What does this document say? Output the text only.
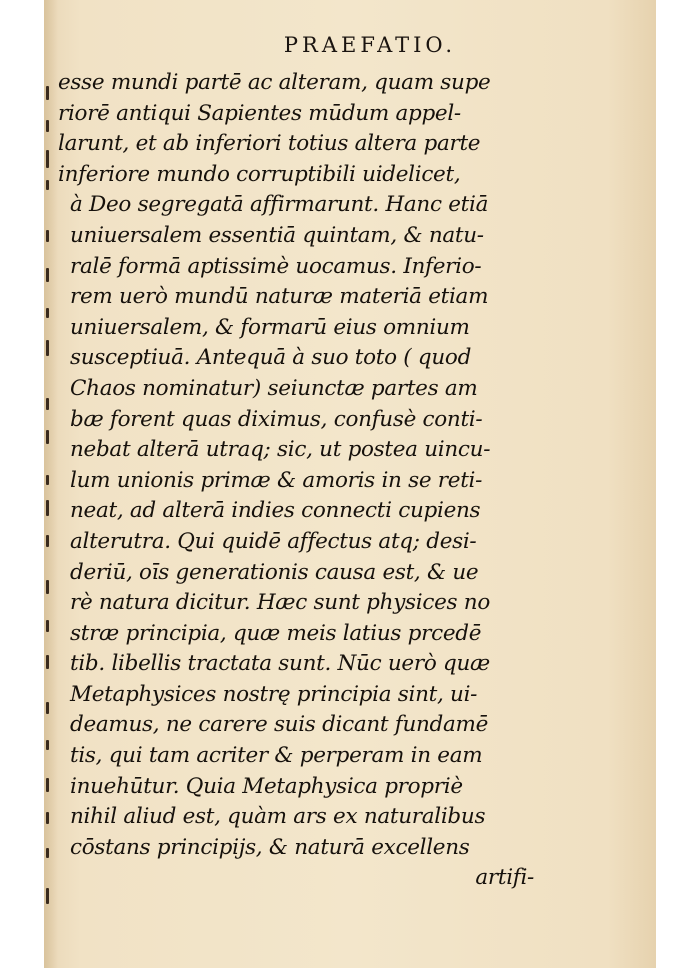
PRAEFATIO.
esse mundi partē ac alteram, quam supe
riorē antiqui Sapientes mūdum appel-
larunt, et ab inferiori totius altera parte
inferiore mundo corruptibili uidelicet,
à Deo segregatā affirmarunt. Hanc etiā
uniuersalem essentiā quintam, & natu-
ralē formā aptissimè uocamus. Inferio-
rem uerò mundū naturæ materiā etiam
uniuersalem, & formarū eius omnium
susceptiuā. Antequā à suo toto ( quod
Chaos nominatur) seiunctæ partes am
bæ forent quas diximus, confusè conti-
nebat alterā utraq; sic, ut postea uincu-
lum unionis primæ & amoris in se reti-
neat, ad alterā indies connecti cupiens
alterutra. Qui quidē affectus atq; desi-
deriū, oīs generationis causa est, & ue
rè natura dicitur. Hæc sunt physices no
stræ principia, quæ meis latius prcedē
tib. libellis tractata sunt. Nūc uerò quæ
Metaphysices nostrę principia sint, ui-
deamus, ne carere suis dicant fundamē
tis, qui tam acriter & perperam in eam
inuehūtur. Quia Metaphysica propriè
nihil aliud est, quàm ars ex naturalibus
cōstans principijs, & naturā excellens
artifi-
